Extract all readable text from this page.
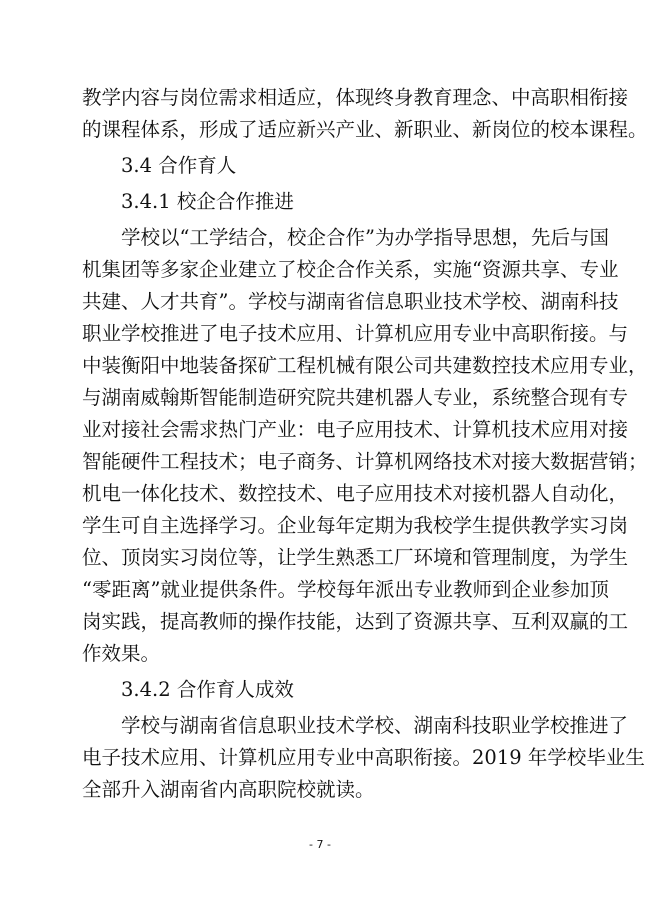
教学内容与岗位需求相适应，体现终身教育理念、中高职相衔接
的课程体系，形成了适应新兴产业、新职业、新岗位的校本课程。
3.4 合作育人
3.4.1 校企合作推进
学校以“工学结合，校企合作”为办学指导思想，先后与国
机集团等多家企业建立了校企合作关系，实施“资源共享、专业
共建、人才共育”。学校与湖南省信息职业技术学校、湖南科技
职业学校推进了电子技术应用、计算机应用专业中高职衔接。与
中装衡阳中地装备探矿工程机械有限公司共建数控技术应用专业，
与湖南威翰斯智能制造研究院共建机器人专业，系统整合现有专
业对接社会需求热门产业：电子应用技术、计算机技术应用对接
智能硬件工程技术；电子商务、计算机网络技术对接大数据营销；
机电一体化技术、数控技术、电子应用技术对接机器人自动化，
学生可自主选择学习。企业每年定期为我校学生提供教学实习岗
位、顶岗实习岗位等，让学生熟悉工厂环境和管理制度，为学生
“零距离”就业提供条件。学校每年派出专业教师到企业参加顶
岗实践，提高教师的操作技能，达到了资源共享、互利双赢的工
作效果。
3.4.2 合作育人成效
学校与湖南省信息职业技术学校、湖南科技职业学校推进了
电子技术应用、计算机应用专业中高职衔接。2019 年学校毕业生
全部升入湖南省内高职院校就读。
- 7 -
